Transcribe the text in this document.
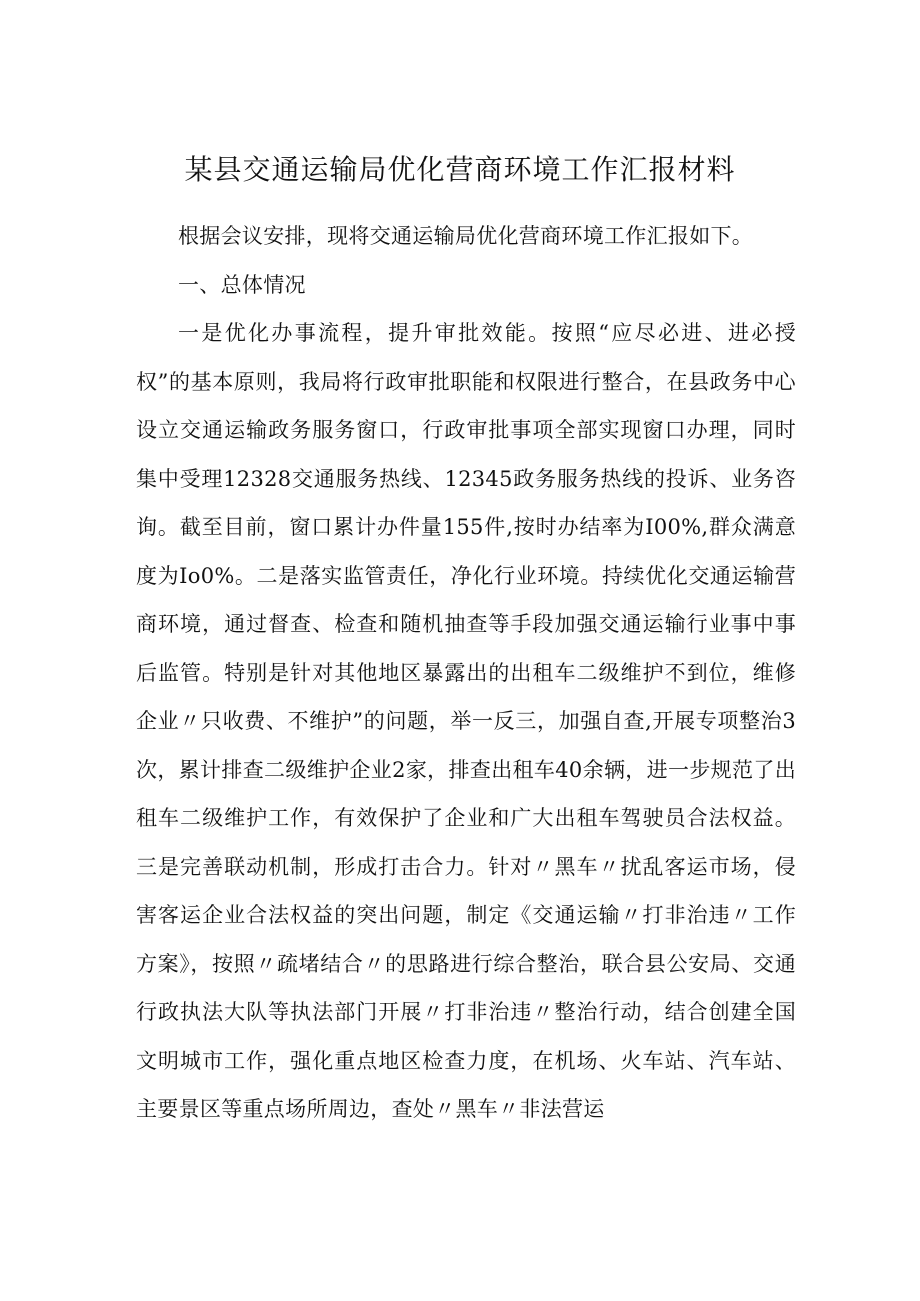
某县交通运输局优化营商环境工作汇报材料

根据会议安排，现将交通运输局优化营商环境工作汇报如下。

一、总体情况

一是优化办事流程，提升审批效能。按照“应尽必进、进必授权”的基本原则，我局将行政审批职能和权限进行整合，在县政务中心设立交通运输政务服务窗口，行政审批事项全部实现窗口办理，同时集中受理12328交通服务热线、12345政务服务热线的投诉、业务咨询。截至目前，窗口累计办件量155件,按时办结率为I00%,群众满意度为Io0%。二是落实监管责任，净化行业环境。持续优化交通运输营商环境，通过督查、检查和随机抽查等手段加强交通运输行业事中事后监管。特别是针对其他地区暴露出的出租车二级维护不到位，维修企业〃只收费、不维护”的问题，举一反三，加强自查,开展专项整治3次，累计排查二级维护企业2家，排查出租车40余辆，进一步规范了出租车二级维护工作，有效保护了企业和广大出租车驾驶员合法权益。三是完善联动机制，形成打击合力。针对〃黑车〃扰乱客运市场，侵害客运企业合法权益的突出问题，制定《交通运输〃打非治违〃工作方案》，按照〃疏堵结合〃的思路进行综合整治，联合县公安局、交通行政执法大队等执法部门开展〃打非治违〃整治行动，结合创建全国文明城市工作，强化重点地区检查力度，在机场、火车站、汽车站、主要景区等重点场所周边，查处〃黑车〃非法营运
